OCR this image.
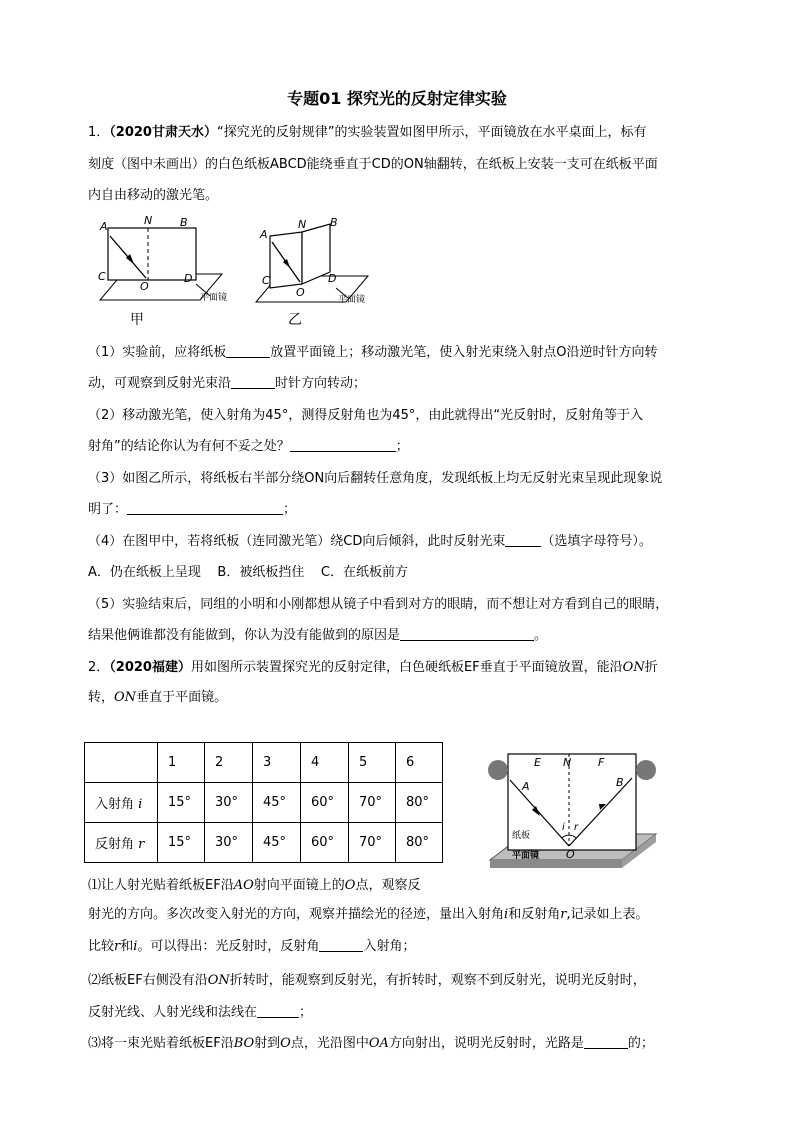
专题01 探究光的反射定律实验
1．（2020甘肃天水）“探究光的反射规律”的实验装置如图甲所示，平面镜放在水平桌面上，标有
刻度（图中未画出）的白色纸板ABCD能绕垂直于CD的ON轴翻转，在纸板上安装一支可在纸板平面
内自由移动的激光笔。
A	N	B
C
O
D
平面镜
甲
A
N B
C
O
D
平面镜
乙
（1）实验前，应将纸板	放置平面镜上；移动激光笔，使入射光束绕入射点O沿逆时针方向转
动，可观察到反射光束沿	时针方向转动；
（2）移动激光笔，使入射角为45°，测得反射角也为45°，由此就得出“光反射时，反射角等于入
射角”的结论你认为有何不妥之处？	；
（3）如图乙所示，将纸板右半部分绕ON向后翻转任意角度，发现纸板上均无反射光束呈现此现象说
明了：	；
（4）在图甲中，若将纸板（连同激光笔）绕CD向后倾斜，此时反射光束	（选填字母符号）。
A．仍在纸板上呈现    B．被纸板挡住    C．在纸板前方
（5）实验结束后，同组的小明和小刚都想从镜子中看到对方的眼睛，而不想让对方看到自己的眼睛，
结果他俩谁都没有能做到，你认为没有能做到的原因是	。
2．（2020福建）用如图所示装置探究光的反射定律，白色硬纸板EF垂直于平面镜放置，能沿ON折
转，ON垂直于平面镜。
	1	2	3	4	5	6
入射角 i	15°	30°	45°	60°	70°	80°
反射角 r	15°	30°	45°	60°	70°	80°
E N F
A	B
i r
O
纸板
平面镜
⑴让人射光贴着纸板EF沿AO射向平面镜上的O点，观察反
射光的方向。多次改变入射光的方向，观察并描绘光的径迹，量出入射角i和反射角r,记录如上表。
比较r和i。可以得出：光反射时，反射角	入射角；
⑵纸板EF右侧没有沿ON折转时，能观察到反射光，有折转时，观察不到反射光，说明光反射时，
反射光线、人射光线和法线在	；
⑶将一束光贴着纸板EF沿BO射到O点，光沿图中OA方向射出，说明光反射时，光路是	的；
